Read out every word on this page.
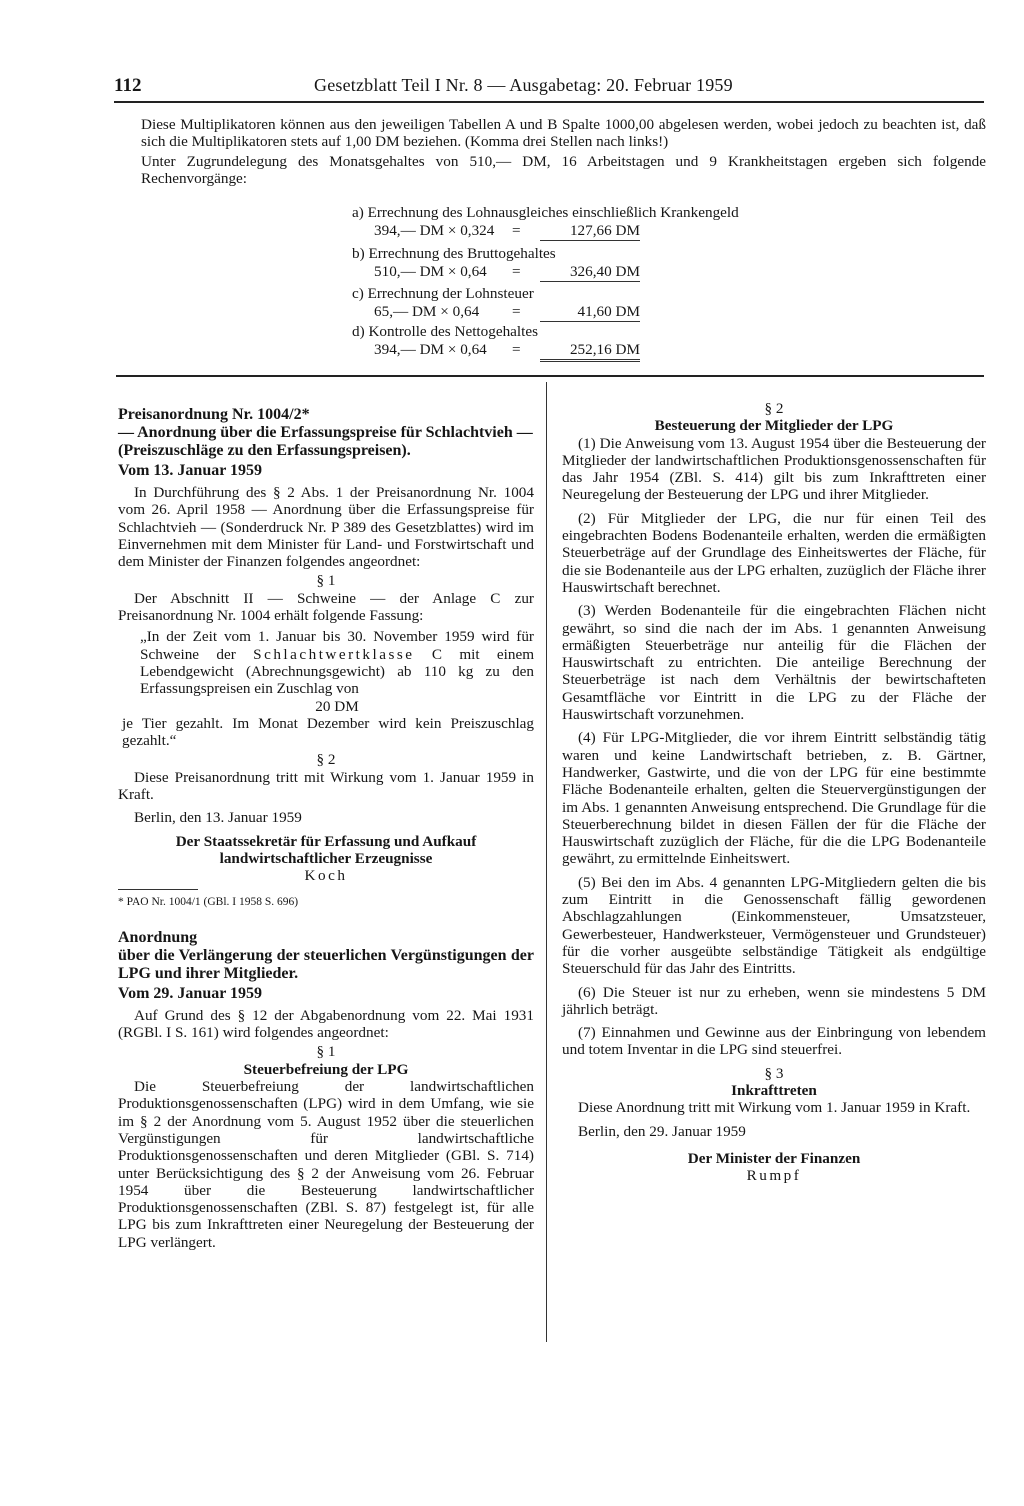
112	Gesetzblatt Teil I Nr. 8 — Ausgabetag: 20. Februar 1959

Diese Multiplikatoren können aus den jeweiligen Tabellen A und B Spalte 1000,00 abgelesen werden, wobei jedoch zu beachten ist, daß sich die Multiplikatoren stets auf 1,00 DM beziehen. (Komma drei Stellen nach links!)

Unter Zugrundelegung des Monatsgehaltes von 510,— DM, 16 Arbeitstagen und 9 Krankheitstagen ergeben sich folgende Rechenvorgänge:

a) Errechnung des Lohnausgleiches einschließlich Krankengeld
394,— DM × 0,324 =	127,66 DM
b) Errechnung des Bruttogehaltes
510,— DM × 0,64 =	326,40 DM
c) Errechnung der Lohnsteuer
65,— DM × 0,64 =	41,60 DM
d) Kontrolle des Nettogehaltes
394,— DM × 0,64 =	252,16 DM

Preisanordnung Nr. 1004/2*

— Anordnung über die Erfassungspreise für Schlachtvieh —

(Preiszuschläge zu den Erfassungspreisen).

Vom 13. Januar 1959

In Durchführung des § 2 Abs. 1 der Preisanordnung Nr. 1004 vom 26. April 1958 — Anordnung über die Erfassungspreise für Schlachtvieh — (Sonderdruck Nr. P 389 des Gesetzblattes) wird im Einvernehmen mit dem Minister für Land- und Forstwirtschaft und dem Minister der Finanzen folgendes angeordnet:

§ 1

Der Abschnitt II — Schweine — der Anlage C zur Preisanordnung Nr. 1004 erhält folgende Fassung:

„In der Zeit vom 1. Januar bis 30. November 1959 wird für Schweine der Schlachtwertklasse C mit einem Lebendgewicht (Abrechnungsgewicht) ab 110 kg zu den Erfassungspreisen ein Zuschlag von

20 DM

je Tier gezahlt. Im Monat Dezember wird kein Preiszuschlag gezahlt.“

§ 2

Diese Preisanordnung tritt mit Wirkung vom 1. Januar 1959 in Kraft.

Berlin, den 13. Januar 1959

Der Staatssekretär für Erfassung und Aufkauf

landwirtschaftlicher Erzeugnisse

Koch

* PAO Nr. 1004/1 (GBl. I 1958 S. 696)

Anordnung

über die Verlängerung der steuerlichen Vergünstigungen der LPG und ihrer Mitglieder.

Vom 29. Januar 1959

Auf Grund des § 12 der Abgabenordnung vom 22. Mai 1931 (RGBl. I S. 161) wird folgendes angeordnet:

§ 1

Steuerbefreiung der LPG

Die Steuerbefreiung der landwirtschaftlichen Produktionsgenossenschaften (LPG) wird in dem Umfang, wie sie im § 2 der Anordnung vom 5. August 1952 über die steuerlichen Vergünstigungen für landwirtschaftliche Produktionsgenossenschaften und deren Mitglieder (GBl. S. 714) unter Berücksichtigung des § 2 der Anweisung vom 26. Februar 1954 über die Besteuerung landwirtschaftlicher Produktionsgenossenschaften (ZBl. S. 87) festgelegt ist, für alle LPG bis zum Inkrafttreten einer Neuregelung der Besteuerung der LPG verlängert.

§ 2

Besteuerung der Mitglieder der LPG

(1) Die Anweisung vom 13. August 1954 über die Besteuerung der Mitglieder der landwirtschaftlichen Produktionsgenossenschaften für das Jahr 1954 (ZBl. S. 414) gilt bis zum Inkrafttreten einer Neuregelung der Besteuerung der LPG und ihrer Mitglieder.

(2) Für Mitglieder der LPG, die nur für einen Teil des eingebrachten Bodens Bodenanteile erhalten, werden die ermäßigten Steuerbeträge auf der Grundlage des Einheitswertes der Fläche, für die sie Bodenanteile aus der LPG erhalten, zuzüglich der Fläche ihrer Hauswirtschaft berechnet.

(3) Werden Bodenanteile für die eingebrachten Flächen nicht gewährt, so sind die nach der im Abs. 1 genannten Anweisung ermäßigten Steuerbeträge nur anteilig für die Flächen der Hauswirtschaft zu entrichten. Die anteilige Berechnung der Steuerbeträge ist nach dem Verhältnis der bewirtschafteten Gesamtfläche vor Eintritt in die LPG zu der Fläche der Hauswirtschaft vorzunehmen.

(4) Für LPG-Mitglieder, die vor ihrem Eintritt selbständig tätig waren und keine Landwirtschaft betrieben, z. B. Gärtner, Handwerker, Gastwirte, und die von der LPG für eine bestimmte Fläche Bodenanteile erhalten, gelten die Steuervergünstigungen der im Abs. 1 genannten Anweisung entsprechend. Die Grundlage für die Steuerberechnung bildet in diesen Fällen der für die Fläche der Hauswirtschaft zuzüglich der Fläche, für die die LPG Bodenanteile gewährt, zu ermittelnde Einheitswert.

(5) Bei den im Abs. 4 genannten LPG-Mitgliedern gelten die bis zum Eintritt in die Genossenschaft fällig gewordenen Abschlagzahlungen (Einkommensteuer, Umsatzsteuer, Gewerbesteuer, Handwerksteuer, Vermögensteuer und Grundsteuer) für die vorher ausgeübte selbständige Tätigkeit als endgültige Steuerschuld für das Jahr des Eintritts.

(6) Die Steuer ist nur zu erheben, wenn sie mindestens 5 DM jährlich beträgt.

(7) Einnahmen und Gewinne aus der Einbringung von lebendem und totem Inventar in die LPG sind steuerfrei.

§ 3

Inkrafttreten

Diese Anordnung tritt mit Wirkung vom 1. Januar 1959 in Kraft.

Berlin, den 29. Januar 1959

Der Minister der Finanzen

Rumpf
